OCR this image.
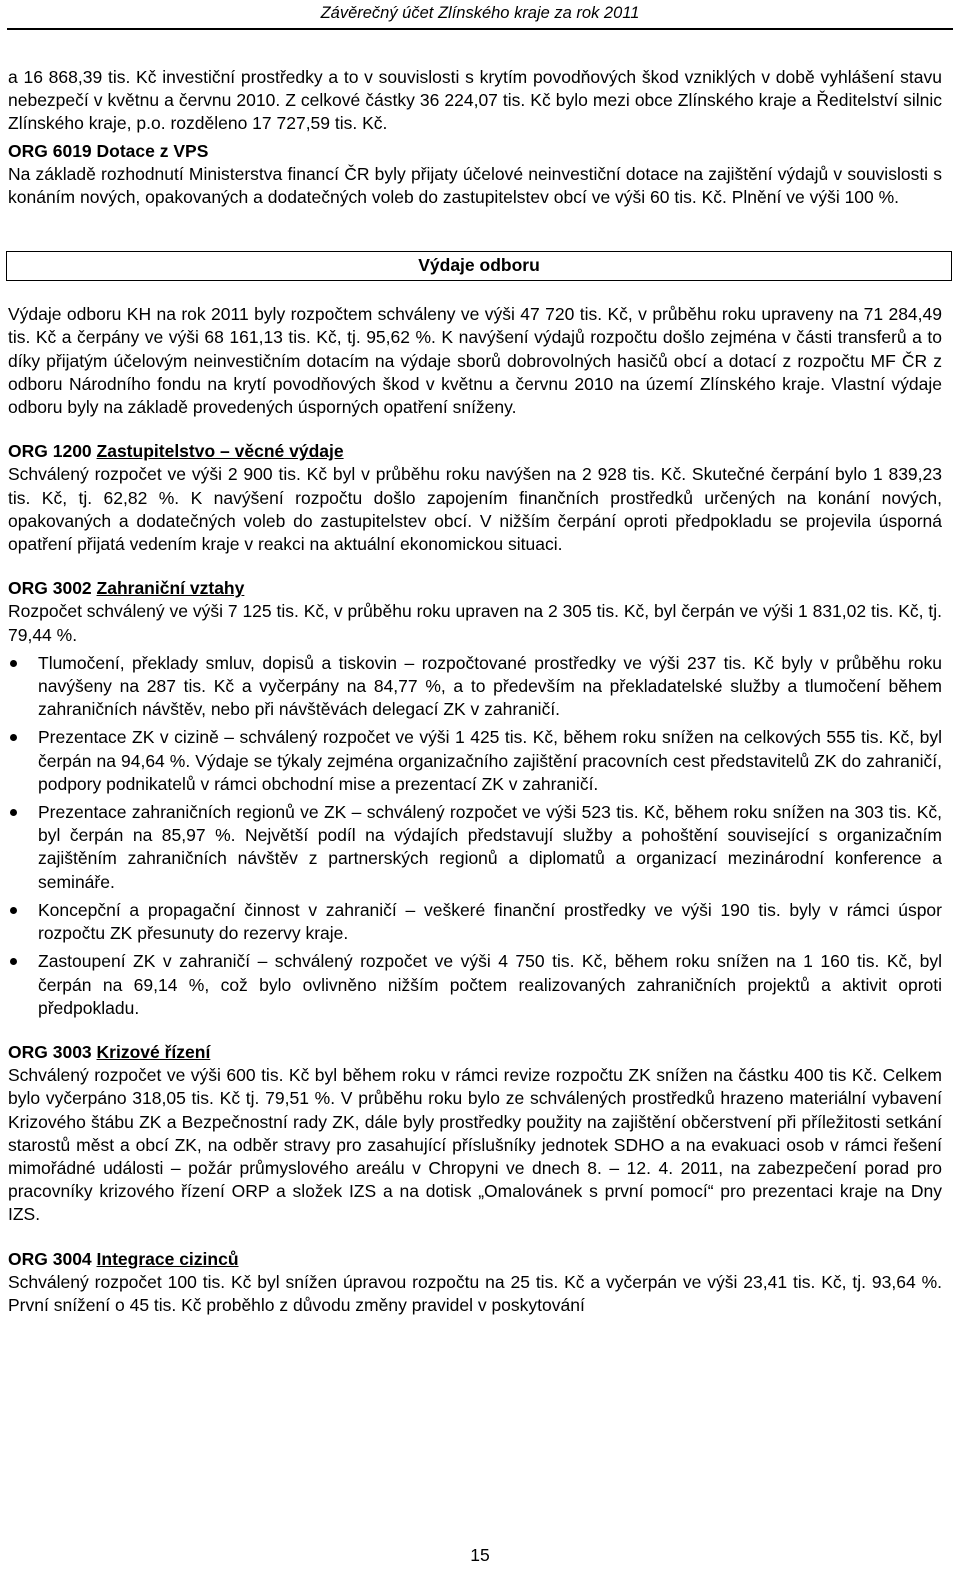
Závěrečný účet Zlínského kraje za rok 2011

a 16 868,39 tis. Kč investiční prostředky a to v souvislosti s krytím povodňových škod vzniklých v době vyhlášení stavu nebezpečí v květnu a červnu 2010. Z celkové částky 36 224,07 tis. Kč bylo mezi obce Zlínského kraje a Ředitelství silnic Zlínského kraje, p.o. rozděleno 17 727,59 tis. Kč.

ORG 6019 Dotace z VPS

Na základě rozhodnutí Ministerstva financí ČR byly přijaty účelové neinvestiční dotace na zajištění výdajů v souvislosti s konáním nových, opakovaných a dodatečných voleb do zastupitelstev obcí ve výši 60 tis. Kč. Plnění ve výši 100 %.

Výdaje odboru

Výdaje odboru KH na rok 2011 byly rozpočtem schváleny ve výši 47 720 tis. Kč, v průběhu roku upraveny na 71 284,49 tis. Kč a čerpány ve výši 68 161,13 tis. Kč, tj. 95,62 %. K navýšení výdajů rozpočtu došlo zejména v části transferů a to díky přijatým účelovým neinvestičním dotacím na výdaje sborů dobrovolných hasičů obcí a dotací z rozpočtu MF ČR z odboru Národního fondu na krytí povodňových škod v květnu a červnu 2010 na území Zlínského kraje. Vlastní výdaje odboru byly na základě provedených úsporných opatření sníženy.

ORG 1200 Zastupitelstvo – věcné výdaje

Schválený rozpočet ve výši 2 900 tis. Kč byl v průběhu roku navýšen na 2 928 tis. Kč. Skutečné čerpání bylo 1 839,23 tis. Kč, tj. 62,82 %. K navýšení rozpočtu došlo zapojením finančních prostředků určených na konání nových, opakovaných a dodatečných voleb do zastupitelstev obcí. V nižším čerpání oproti předpokladu se projevila úsporná opatření přijatá vedením kraje v reakci na aktuální ekonomickou situaci.

ORG 3002 Zahraniční vztahy

Rozpočet schválený ve výši 7 125 tis. Kč, v průběhu roku upraven na 2 305 tis. Kč, byl čerpán ve výši 1 831,02 tis. Kč, tj. 79,44 %.

Tlumočení, překlady smluv, dopisů a tiskovin – rozpočtované prostředky ve výši 237 tis. Kč byly v průběhu roku navýšeny na 287 tis. Kč a vyčerpány na 84,77 %, a to především na překladatelské služby a tlumočení během zahraničních návštěv, nebo při návštěvách delegací ZK v zahraničí.
Prezentace ZK v cizině – schválený rozpočet ve výši 1 425 tis. Kč, během roku snížen na celkových 555 tis. Kč, byl čerpán na 94,64 %. Výdaje se týkaly zejména organizačního zajištění pracovních cest představitelů ZK do zahraničí, podpory podnikatelů v rámci obchodní mise a prezentací ZK v zahraničí.
Prezentace zahraničních regionů ve ZK – schválený rozpočet ve výši 523 tis. Kč, během roku snížen na 303 tis. Kč, byl čerpán na 85,97 %. Největší podíl na výdajích představují služby a pohoštění související s organizačním zajištěním zahraničních návštěv z partnerských regionů a diplomatů a organizací mezinárodní konference a semináře.
Koncepční a propagační činnost v zahraničí – veškeré finanční prostředky ve výši 190 tis. byly v rámci úspor rozpočtu ZK přesunuty do rezervy kraje.
Zastoupení ZK v zahraničí – schválený rozpočet ve výši 4 750 tis. Kč, během roku snížen na 1 160 tis. Kč, byl čerpán na 69,14 %, což bylo ovlivněno nižším počtem realizovaných zahraničních projektů a aktivit oproti předpokladu.

ORG 3003 Krizové řízení

Schválený rozpočet ve výši 600 tis. Kč byl během roku v rámci revize rozpočtu ZK snížen na částku 400 tis Kč. Celkem bylo vyčerpáno 318,05 tis. Kč tj. 79,51 %. V průběhu roku bylo ze schválených prostředků hrazeno materiální vybavení Krizového štábu ZK a Bezpečnostní rady ZK, dále byly prostředky použity na zajištění občerstvení při příležitosti setkání starostů měst a obcí ZK, na odběr stravy pro zasahující příslušníky jednotek SDHO a na evakuaci osob v rámci řešení mimořádné události – požár průmyslového areálu v Chropyni ve dnech 8. – 12. 4. 2011, na zabezpečení porad pro pracovníky krizového řízení ORP a složek IZS a na dotisk „Omalovánek s první pomocí“ pro prezentaci kraje na Dny IZS.

ORG 3004 Integrace cizinců

Schválený rozpočet 100 tis. Kč byl snížen úpravou rozpočtu na 25 tis. Kč a vyčerpán ve výši 23,41 tis. Kč, tj. 93,64 %. První snížení o 45 tis. Kč proběhlo z důvodu změny pravidel v poskytování

15
